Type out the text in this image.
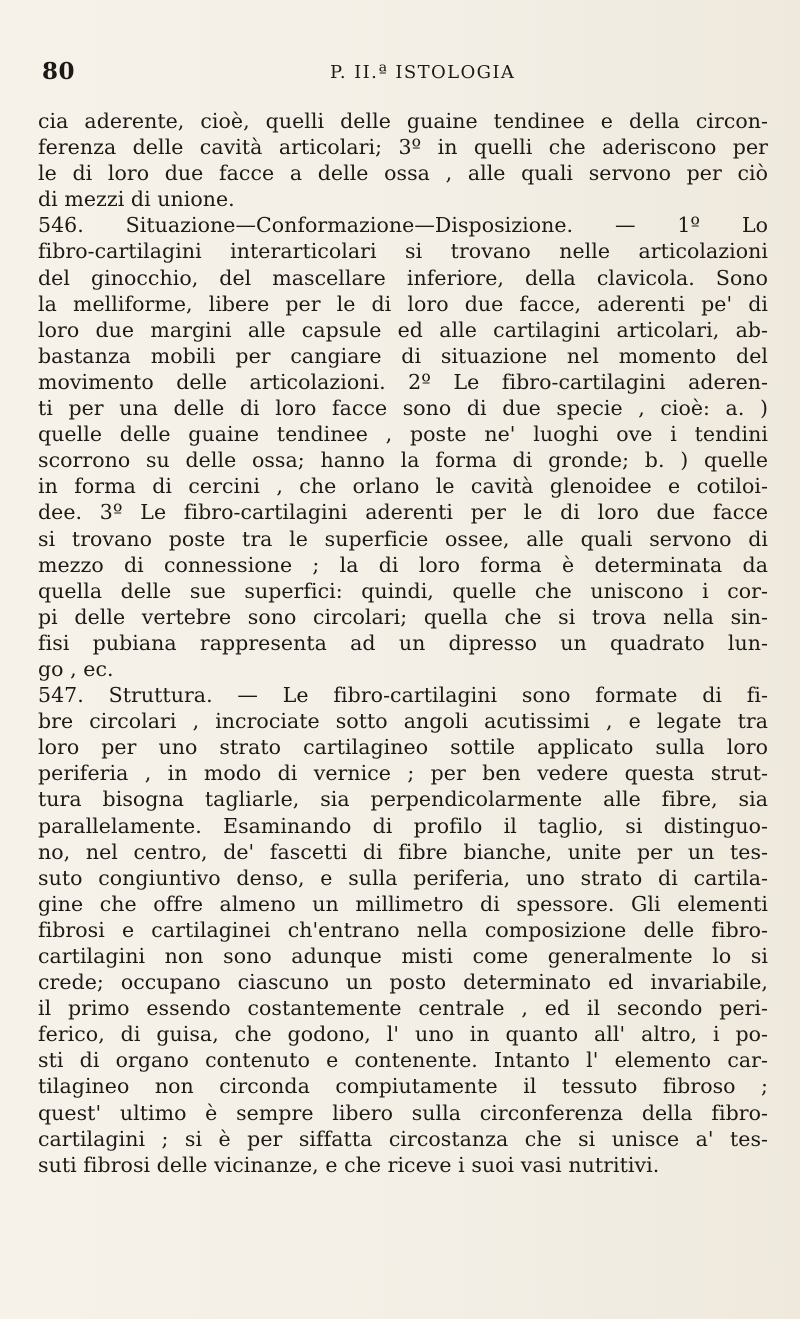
80	P. II.ª ISTOLOGIA
cia aderente, cioè, quelli delle guaine tendinee e della circon-
ferenza delle cavità articolari; 3º in quelli che aderiscono per
le di loro due facce a delle ossa , alle quali servono per ciò
di mezzi di unione.
546. Situazione—Conformazione—Disposizione. — 1º Lo
fibro-cartilagini interarticolari si trovano nelle articolazioni
del ginocchio, del mascellare inferiore, della clavicola. Sono
la melliforme, libere per le di loro due facce, aderenti pe' di
loro due margini alle capsule ed alle cartilagini articolari, ab-
bastanza mobili per cangiare di situazione nel momento del
movimento delle articolazioni. 2º Le fibro-cartilagini aderen-
ti per una delle di loro facce sono di due specie , cioè: a. )
quelle delle guaine tendinee , poste ne' luoghi ove i tendini
scorrono su delle ossa; hanno la forma di gronde; b. ) quelle
in forma di cercini , che orlano le cavità glenoidee e cotiloi-
dee. 3º Le fibro-cartilagini aderenti per le di loro due facce
si trovano poste tra le superficie ossee, alle quali servono di
mezzo di connessione ; la di loro forma è determinata da
quella delle sue superfici: quindi, quelle che uniscono i cor-
pi delle vertebre sono circolari; quella che si trova nella sin-
fisi pubiana rappresenta ad un dipresso un quadrato lun-
go , ec.
547. Struttura. — Le fibro-cartilagini sono formate di fi-
bre circolari , incrociate sotto angoli acutissimi , e legate tra
loro per uno strato cartilagineo sottile applicato sulla loro
periferia , in modo di vernice ; per ben vedere questa strut-
tura bisogna tagliarle, sia perpendicolarmente alle fibre, sia
parallelamente. Esaminando di profilo il taglio, si distinguo-
no, nel centro, de' fascetti di fibre bianche, unite per un tes-
suto congiuntivo denso, e sulla periferia, uno strato di cartila-
gine che offre almeno un millimetro di spessore. Gli elementi
fibrosi e cartilaginei ch'entrano nella composizione delle fibro-
cartilagini non sono adunque misti come generalmente lo si
crede; occupano ciascuno un posto determinato ed invariabile,
il primo essendo costantemente centrale , ed il secondo peri-
ferico, di guisa, che godono, l' uno in quanto all' altro, i po-
sti di organo contenuto e contenente. Intanto l' elemento car-
tilagineo non circonda compiutamente il tessuto fibroso ;
quest' ultimo è sempre libero sulla circonferenza della fibro-
cartilagini ; si è per siffatta circostanza che si unisce a' tes-
suti fibrosi delle vicinanze, e che riceve i suoi vasi nutritivi.
